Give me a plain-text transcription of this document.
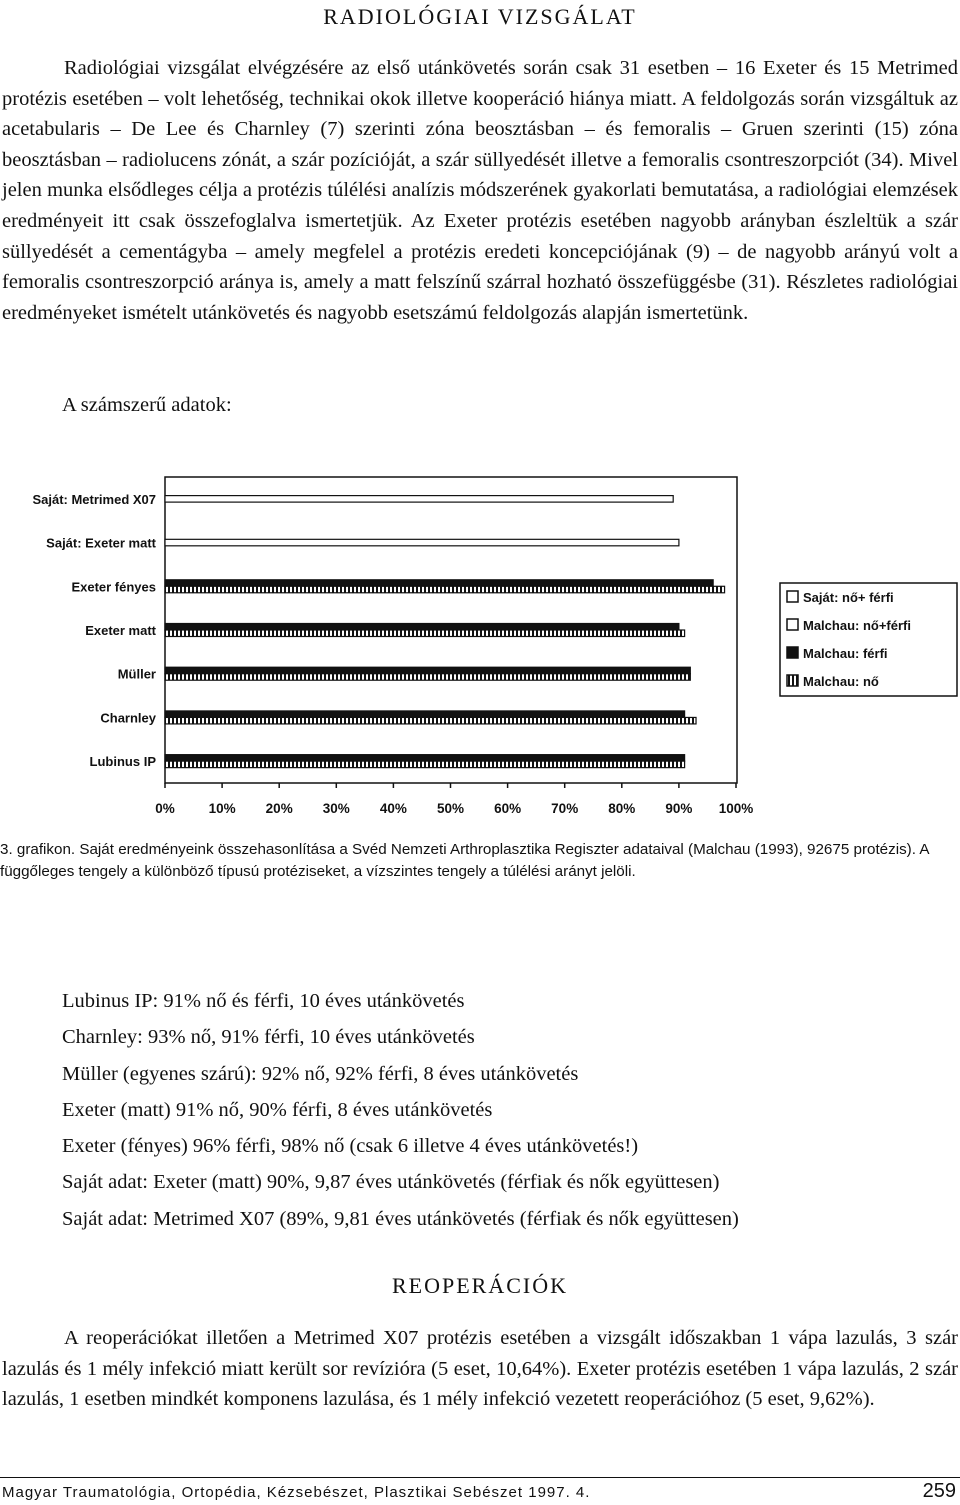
RADIOLÓGIAI VIZSGÁLAT

Radiológiai vizsgálat elvégzésére az első utánkövetés során csak 31 esetben – 16 Exeter és 15 Metrimed protézis esetében – volt lehetőség, technikai okok illetve kooperáció hiánya miatt. A feldolgozás során vizsgáltuk az acetabularis – De Lee és Charnley (7) szerinti zóna beosztásban – és femoralis – Gruen szerinti (15) zóna beosztásban – radiolucens zónát, a szár pozícióját, a szár süllyedését illetve a femoralis csontreszorpciót (34). Mivel jelen munka elsődleges célja a protézis túlélési analízis módszerének gyakorlati bemutatása, a radiológiai elemzések eredményeit itt csak összefoglalva ismertetjük. Az Exeter protézis esetében nagyobb arányban észleltük a szár süllyedését a cementágyba – amely megfelel a protézis eredeti koncepciójának (9) – de nagyobb arányú volt a femoralis csontreszorpció aránya is, amely a matt felszínű szárral hozható összefüggésbe (31). Részletes radiológiai eredményeket ismételt utánkövetés és nagyobb esetszámú feldolgozás alapján ismertetünk.

A számszerű adatok:
Saját: Metrimed X07
Saját: Exeter matt
Exeter fényes
Exeter matt
Müller
Charnley
Lubinus IP
0%	10% 20% 30% 40% 50% 60% 70% 80% 90% 100%
Saját: nő+ férfi
Malchau: nő+férfi
Malchau: férfi
Malchau: nő
3. grafikon. Saját eredményeink összehasonlítása a Svéd Nemzeti Arthroplasztika Regiszter adataival (Malchau (1993), 92675 protézis). A függőleges tengely a különböző típusú protéziseket, a vízszintes tengely a túlélési arányt jelöli.
Lubinus IP: 91% nő és férfi, 10 éves utánkövetés
Charnley: 93% nő, 91% férfi, 10 éves utánkövetés
Müller (egyenes szárú): 92% nő, 92% férfi, 8 éves utánkövetés
Exeter (matt) 91% nő, 90% férfi, 8 éves utánkövetés
Exeter (fényes) 96% férfi, 98% nő (csak 6 illetve 4 éves utánkövetés!)
Saját adat: Exeter (matt) 90%, 9,87 éves utánkövetés (férfiak és nők együttesen)
Saját adat: Metrimed X07 (89%, 9,81 éves utánkövetés (férfiak és nők együttesen)
REOPERÁCIÓK

A reoperációkat illetően a Metrimed X07 protézis esetében a vizsgált időszakban 1 vápa lazulás, 3 szár lazulás és 1 mély infekció miatt került sor revízióra (5 eset, 10,64%). Exeter protézis esetében 1 vápa lazulás, 2 szár lazulás, 1 esetben mindkét komponens lazulása, és 1 mély infekció vezetett reoperációhoz (5 eset, 9,62%).

Magyar Traumatológia, Ortopédia, Kézsebészet, Plasztikai Sebészet 1997. 4.	259
